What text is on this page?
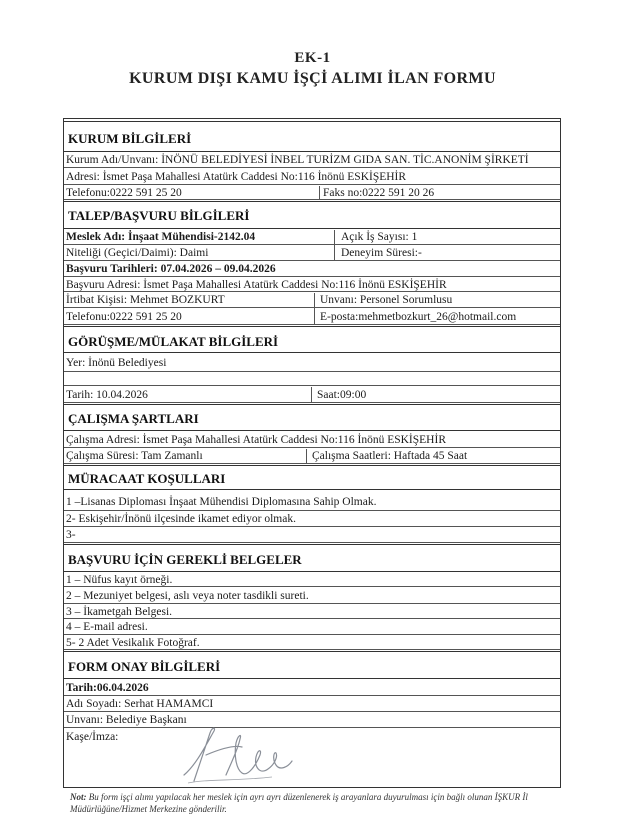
EK-1
KURUM DIŞI KAMU İŞÇİ ALIMI İLAN FORMU
KURUM BİLGİLERİ
Kurum Adı/Unvanı: İNÖNÜ BELEDİYESİ İNBEL TURİZM GIDA SAN. TİC.ANONİM ŞİRKETİ
Adresi: İsmet Paşa Mahallesi Atatürk Caddesi No:116 İnönü ESKİŞEHİR
Telefonu:0222 591 25 20	Faks no:0222 591 20 26
TALEP/BAŞVURU BİLGİLERİ
Meslek Adı: İnşaat Mühendisi-2142.04	Açık İş Sayısı: 1
Niteliği (Geçici/Daimi): Daimi	Deneyim Süresi:-
Başvuru Tarihleri: 07.04.2026 – 09.04.2026
Başvuru Adresi: İsmet Paşa Mahallesi Atatürk Caddesi No:116 İnönü ESKİŞEHİR
İrtibat Kişisi: Mehmet BOZKURT	Unvanı: Personel Sorumlusu
Telefonu:0222 591 25 20	E-posta:mehmetbozkurt_26@hotmail.com
GÖRÜŞME/MÜLAKAT BİLGİLERİ
Yer: İnönü Belediyesi
Tarih: 10.04.2026	Saat:09:00
ÇALIŞMA ŞARTLARI
Çalışma Adresi: İsmet Paşa Mahallesi Atatürk Caddesi No:116 İnönü ESKİŞEHİR
Çalışma Süresi: Tam Zamanlı	Çalışma Saatleri: Haftada 45 Saat
MÜRACAAT KOŞULLARI
1 –Lisanas Diploması İnşaat Mühendisi Diplomasına Sahip Olmak.
2- Eskişehir/İnönü ilçesinde ikamet ediyor olmak.
3-
BAŞVURU İÇİN GEREKLİ BELGELER
1 – Nüfus kayıt örneği.
2 – Mezuniyet belgesi, aslı veya noter tasdikli sureti.
3 – İkametgah Belgesi.
4 – E-mail adresi.
5- 2 Adet Vesikalık Fotoğraf.
FORM ONAY BİLGİLERİ
Tarih:06.04.2026
Adı Soyadı: Serhat HAMAMCI
Unvanı: Belediye Başkanı
Kaşe/İmza:
Not: Bu form işçi alımı yapılacak her meslek için ayrı ayrı düzenlenerek iş arayanlara duyurulması için bağlı olunan İŞKUR İl Müdürlüğüne/Hizmet Merkezine gönderilir.
